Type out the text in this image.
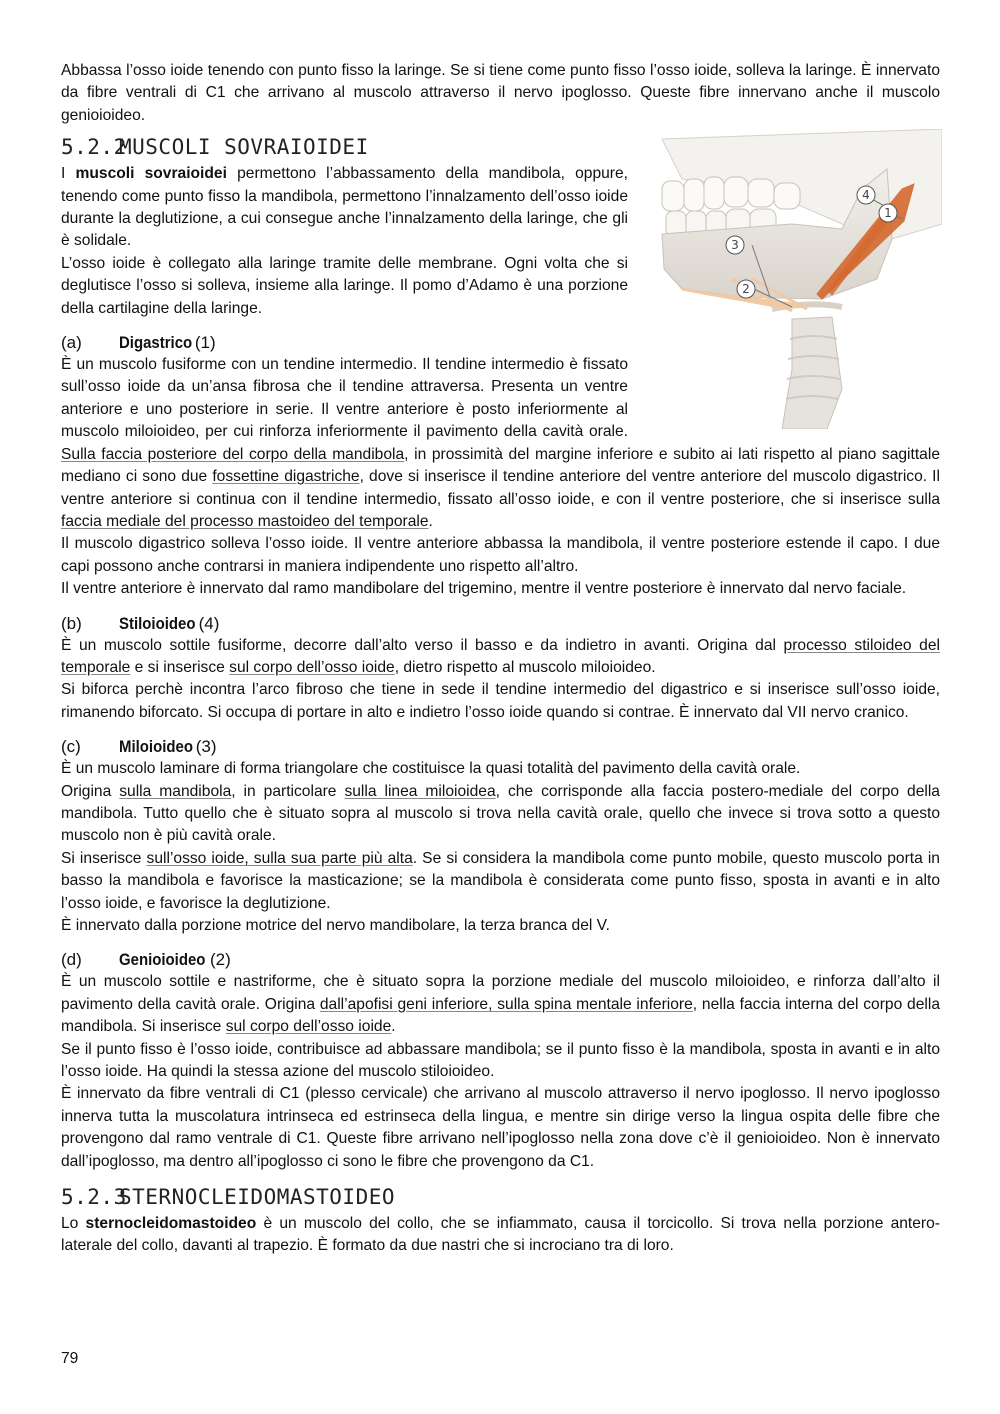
Abbassa l’osso ioide tenendo con punto fisso la laringe. Se si tiene come punto fisso l’osso ioide, solleva la laringe. È innervato da fibre ventrali di C1 che arrivano al muscolo attraverso il nervo ipoglosso. Queste fibre innervano anche il muscolo genioioideo.

5.2.2MUSCOLI SOVRAIOIDEI
1
2
3
4

I muscoli sovraioidei permettono l’abbassamento della mandibola, oppure, tenendo come punto fisso la mandibola, permettono l’innalzamento dell’osso ioide durante la deglutizione, a cui consegue anche l’innalzamento della laringe, che gli è solidale.

L’osso ioide è collegato alla laringe tramite delle membrane. Ogni volta che si deglutisce l’osso si solleva, insieme alla laringe. Il pomo d’Adamo è una porzione della cartilagine della laringe.

(a) Digastrico (1)

È un muscolo fusiforme con un tendine intermedio. Il tendine intermedio è fissato sull’osso ioide da un’ansa fibrosa che il tendine attraversa. Presenta un ventre anteriore e uno posteriore in serie. Il ventre anteriore è posto inferiormente al muscolo miloioideo, per cui rinforza inferiormente il pavimento della cavità orale. Sulla faccia posteriore del corpo della mandibola, in prossimità del margine inferiore e subito ai lati rispetto al piano sagittale mediano ci sono due fossettine digastriche, dove si inserisce il tendine anteriore del ventre anteriore del muscolo digastrico. Il ventre anteriore si continua con il tendine intermedio, fissato all’osso ioide, e con il ventre posteriore, che si inserisce sulla faccia mediale del processo mastoideo del temporale.

Il muscolo digastrico solleva l’osso ioide. Il ventre anteriore abbassa la mandibola, il ventre posteriore estende il capo. I due capi possono anche contrarsi in maniera indipendente uno rispetto all’altro.

Il ventre anteriore è innervato dal ramo mandibolare del trigemino, mentre il ventre posteriore è innervato dal nervo faciale.

(b) Stiloioideo (4)

È un muscolo sottile fusiforme, decorre dall’alto verso il basso e da indietro in avanti. Origina dal processo stiloideo del temporale e si inserisce sul corpo dell’osso ioide, dietro rispetto al muscolo miloioideo.

Si biforca perchè incontra l’arco fibroso che tiene in sede il tendine intermedio del digastrico e si inserisce sull’osso ioide, rimanendo biforcato. Si occupa di portare in alto e indietro l’osso ioide quando si contrae. È innervato dal VII nervo cranico.

(c) Miloioideo (3)

È un muscolo laminare di forma triangolare che costituisce la quasi totalità del pavimento della cavità orale.

Origina sulla mandibola, in particolare sulla linea miloioidea, che corrisponde alla faccia postero-mediale del corpo della mandibola. Tutto quello che è situato sopra al muscolo si trova nella cavità orale, quello che invece si trova sotto a questo muscolo non è più cavità orale.

Si inserisce sull’osso ioide, sulla sua parte più alta. Se si considera la mandibola come punto mobile, questo muscolo porta in basso la mandibola e favorisce la masticazione; se la mandibola è considerata come punto fisso, sposta in avanti e in alto l’osso ioide, e favorisce la deglutizione.

È innervato dalla porzione motrice del nervo mandibolare, la terza branca del V.

(d) Genioioideo (2)

È un muscolo sottile e nastriforme, che è situato sopra la porzione mediale del muscolo miloioideo, e rinforza dall’alto il pavimento della cavità orale. Origina dall’apofisi geni inferiore, sulla spina mentale inferiore, nella faccia interna del corpo della mandibola. Si inserisce sul corpo dell’osso ioide.

Se il punto fisso è l’osso ioide, contribuisce ad abbassare mandibola; se il punto fisso è la mandibola, sposta in avanti e in alto l’osso ioide. Ha quindi la stessa azione del muscolo stiloioideo.

È innervato da fibre ventrali di C1 (plesso cervicale) che arrivano al muscolo attraverso il nervo ipoglosso. Il nervo ipoglosso innerva tutta la muscolatura intrinseca ed estrinseca della lingua, e mentre sin dirige verso la lingua ospita delle fibre che provengono dal ramo ventrale di C1. Queste fibre arrivano nell’ipoglosso nella zona dove c’è il genioioideo. Non è innervato dall’ipoglosso, ma dentro all’ipoglosso ci sono le fibre che provengono da C1.

5.2.3STERNOCLEIDOMASTOIDEO

Lo sternocleidomastoideo è un muscolo del collo, che se infiammato, causa il torcicollo. Si trova nella porzione antero-laterale del collo, davanti al trapezio. È formato da due nastri che si incrociano tra di loro.

79
